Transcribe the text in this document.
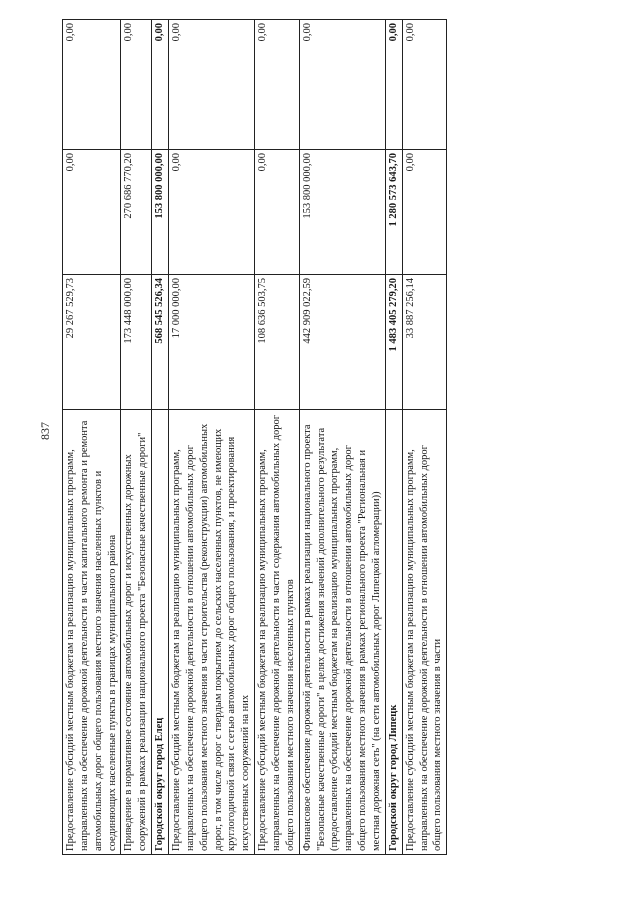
837
Предоставление субсидий местным бюджетам на реализацию муниципальных программ, направленных на обеспечение дорожной деятельности в части капитального ремонта и ремонта автомобильных дорог общего пользования местного значения населенных пунктов и соединяющих населенные пункты в границах муниципального района	29 267 529,73	0,00	0,00
Приведение в нормативное состояние автомобильных дорог и искусственных дорожных сооружений в рамках реализации национального проекта "Безопасные качественные дороги"	173 448 000,00	270 686 770,20	0,00
Городской округ город Елец	568 545 526,34	153 800 000,00	0,00
Предоставление субсидий местным бюджетам на реализацию муниципальных программ, направленных на обеспечение дорожной деятельности в отношении автомобильных дорог общего пользования местного значения в части строительства (реконструкции) автомобильных дорог, в том числе дорог с твердым покрытием до сельских населенных пунктов, не имеющих круглогодичной связи с сетью автомобильных дорог общего пользования, и проектирования искусственных сооружений на них	17 000 000,00	0,00	0,00
Предоставление субсидий местным бюджетам на реализацию муниципальных программ, направленных на обеспечение дорожной деятельности в части содержания автомобильных дорог общего пользования местного значения населенных пунктов	108 636 503,75	0,00	0,00
Финансовое обеспечение дорожной деятельности в рамках реализации национального проекта "Безопасные качественные дороги" в целях достижения значений дополнительного результата (предоставление субсидий местным бюджетам на реализацию муниципальных программ, направленных на обеспечение дорожной деятельности в отношении автомобильных дорог общего пользования местного значения в рамках регионального проекта "Региональная и местная дорожная сеть" (на сети автомобильных дорог Липецкой агломерации))	442 909 022,59	153 800 000,00	0,00
Городской округ город Липецк	1 483 405 279,20	1 280 573 643,70	0,00
Предоставление субсидий местным бюджетам на реализацию муниципальных программ, направленных на обеспечение дорожной деятельности в отношении автомобильных дорог общего пользования местного значения в части	33 887 256,14	0,00	0,00
